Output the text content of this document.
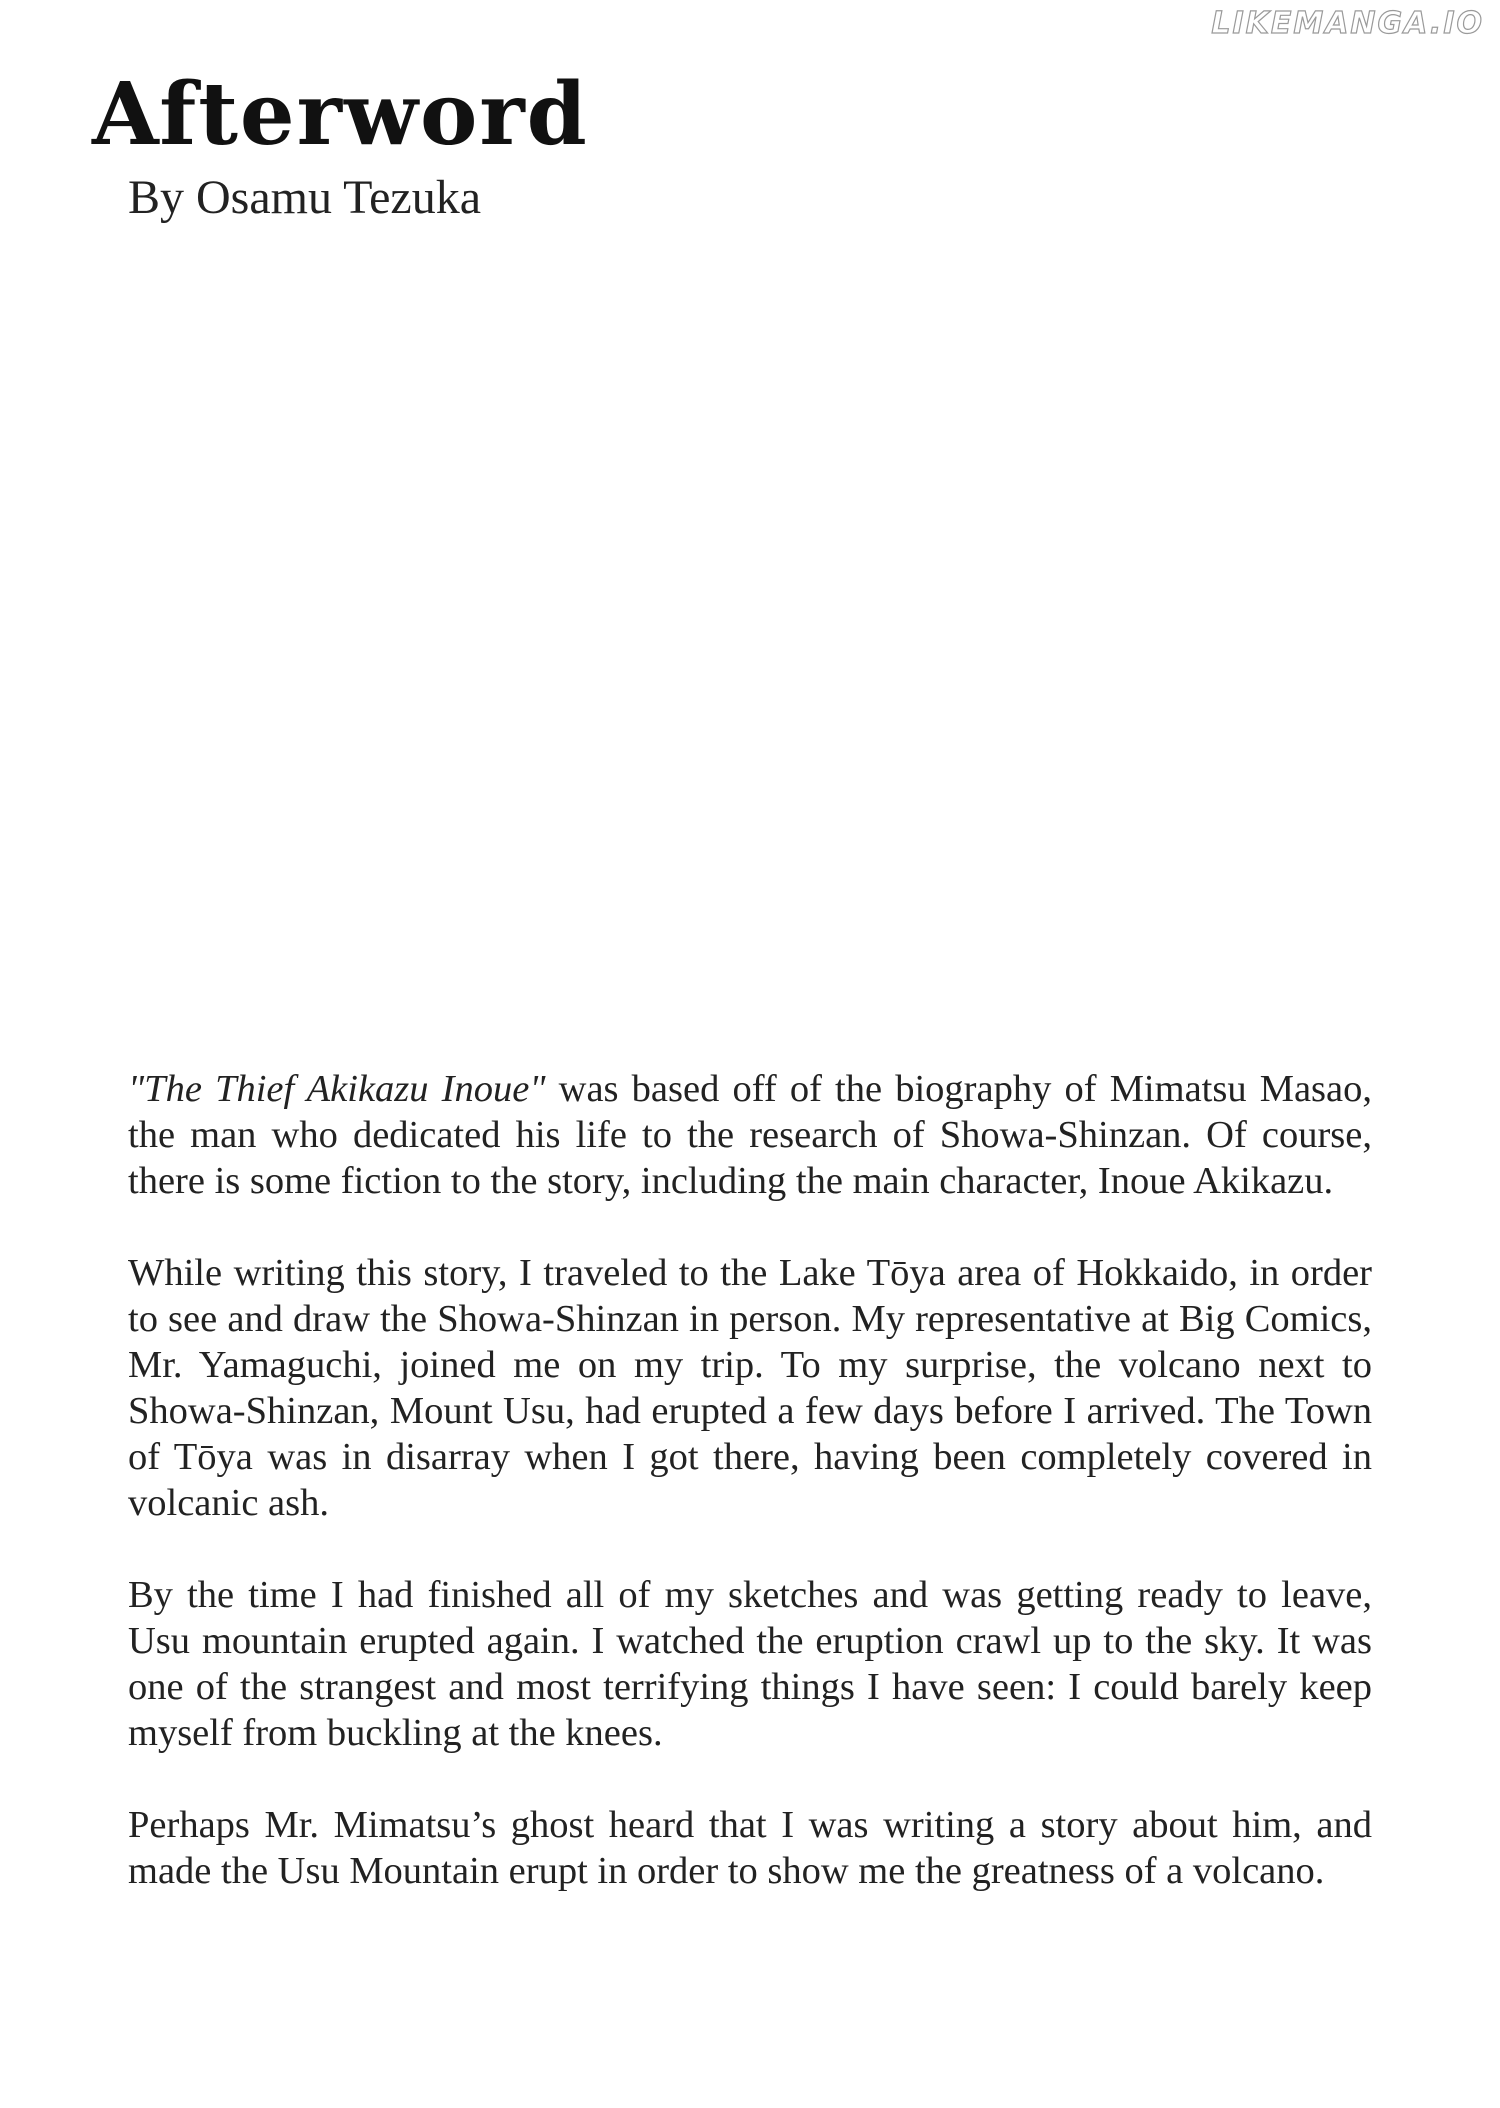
LIKEMANGA.IO
Afterword

By Osamu Tezuka

"The Thief Akikazu Inoue" was based off of the biography of Mimatsu Masao, the man who dedicated his life to the research of Showa-Shinzan. Of course, there is some fiction to the story, including the main character, Inoue Akikazu.

While writing this story, I traveled to the Lake Tōya area of Hokkaido, in order to see and draw the Showa-Shinzan in person. My representative at Big Comics, Mr. Yamaguchi, joined me on my trip. To my surprise, the volcano next to Showa-Shinzan, Mount Usu, had erupted a few days before I arrived. The Town of Tōya was in disarray when I got there, having been completely covered in volcanic ash.

By the time I had finished all of my sketches and was getting ready to leave, Usu mountain erupted again. I watched the eruption crawl up to the sky. It was one of the strangest and most terrifying things I have seen: I could barely keep myself from buckling at the knees.

Perhaps Mr. Mimatsu’s ghost heard that I was writing a story about him, and made the Usu Mountain erupt in order to show me the greatness of a volcano.
